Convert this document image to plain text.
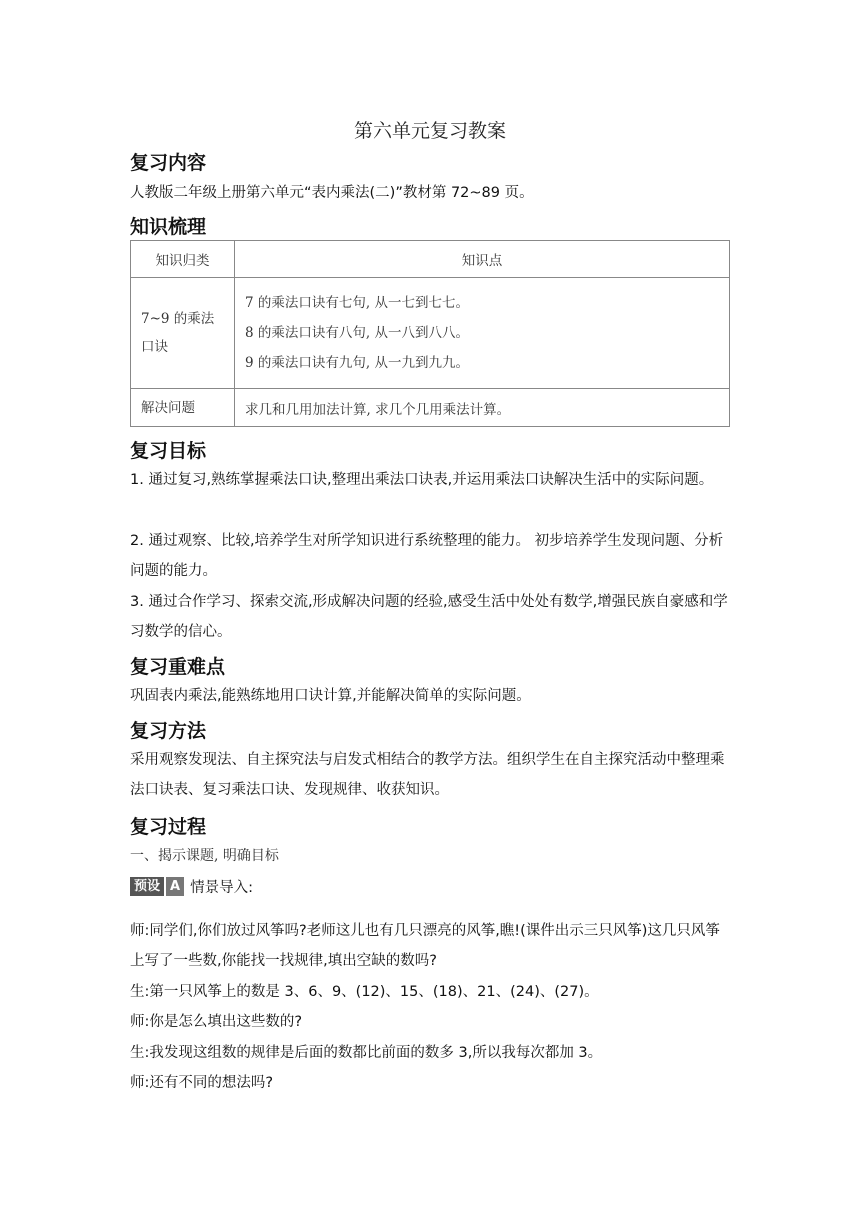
第六单元复习教案
复习内容

人教版二年级上册第六单元“表内乘法(二)”教材第 72~89 页。

知识梳理
知识归类	知识点
7~9 的乘法口诀	7 的乘法口诀有七句, 从一七到七七。
8 的乘法口诀有八句, 从一八到八八。
9 的乘法口诀有九句, 从一九到九九。

解决问题	求几和几用加法计算, 求几个几用乘法计算。
复习目标

1. 通过复习,熟练掌握乘法口诀,整理出乘法口诀表,并运用乘法口诀解决生活中的实际问题。

2. 通过观察、比较,培养学生对所学知识进行系统整理的能力。 初步培养学生发现问题、分析问题的能力。

3. 通过合作学习、探索交流,形成解决问题的经验,感受生活中处处有数学,增强民族自豪感和学习数学的信心。

复习重难点

巩固表内乘法,能熟练地用口诀计算,并能解决简单的实际问题。

复习方法

采用观察发现法、自主探究法与启发式相结合的教学方法。组织学生在自主探究活动中整理乘法口诀表、复习乘法口诀、发现规律、收获知识。

复习过程

一、揭示课题, 明确目标

预设 A 情景导入:

师:同学们,你们放过风筝吗?老师这儿也有几只漂亮的风筝,瞧!(课件出示三只风筝)这几只风筝上写了一些数,你能找一找规律,填出空缺的数吗?

生:第一只风筝上的数是 3、6、9、(12)、15、(18)、21、(24)、(27)。

师:你是怎么填出这些数的?

生:我发现这组数的规律是后面的数都比前面的数多 3,所以我每次都加 3。

师:还有不同的想法吗?
